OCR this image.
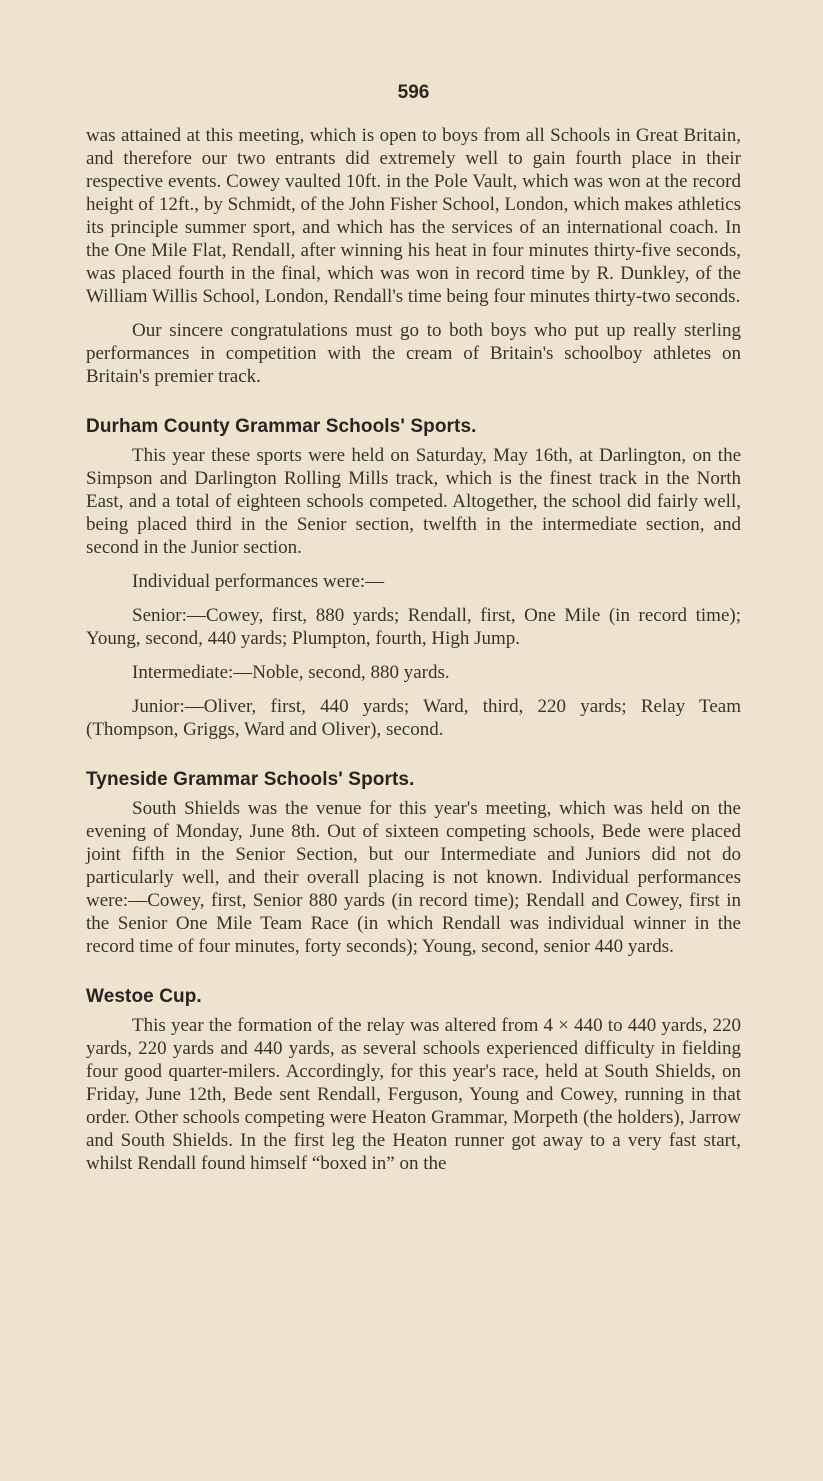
596

was attained at this meeting, which is open to boys from all Schools in Great Britain, and therefore our two entrants did extremely well to gain fourth place in their respective events. Cowey vaulted 10ft. in the Pole Vault, which was won at the record height of 12ft., by Schmidt, of the John Fisher School, London, which makes athletics its principle summer sport, and which has the services of an international coach. In the One Mile Flat, Rendall, after winning his heat in four minutes thirty-five seconds, was placed fourth in the final, which was won in record time by R. Dunkley, of the William Willis School, London, Rendall's time being four minutes thirty-two seconds.

Our sincere congratulations must go to both boys who put up really sterling performances in competition with the cream of Britain's schoolboy athletes on Britain's premier track.

Durham County Grammar Schools' Sports.

This year these sports were held on Saturday, May 16th, at Darlington, on the Simpson and Darlington Rolling Mills track, which is the finest track in the North East, and a total of eighteen schools competed. Altogether, the school did fairly well, being placed third in the Senior section, twelfth in the intermediate section, and second in the Junior section.

Individual performances were:—

Senior:—Cowey, first, 880 yards; Rendall, first, One Mile (in record time); Young, second, 440 yards; Plumpton, fourth, High Jump.

Intermediate:—Noble, second, 880 yards.

Junior:—Oliver, first, 440 yards; Ward, third, 220 yards; Relay Team (Thompson, Griggs, Ward and Oliver), second.

Tyneside Grammar Schools' Sports.

South Shields was the venue for this year's meeting, which was held on the evening of Monday, June 8th. Out of sixteen competing schools, Bede were placed joint fifth in the Senior Section, but our Intermediate and Juniors did not do particularly well, and their overall placing is not known. Individual performances were:—Cowey, first, Senior 880 yards (in record time); Rendall and Cowey, first in the Senior One Mile Team Race (in which Rendall was individual winner in the record time of four minutes, forty seconds); Young, second, senior 440 yards.

Westoe Cup.

This year the formation of the relay was altered from 4 × 440 to 440 yards, 220 yards, 220 yards and 440 yards, as several schools experienced difficulty in fielding four good quarter-milers. Accordingly, for this year's race, held at South Shields, on Friday, June 12th, Bede sent Rendall, Ferguson, Young and Cowey, running in that order. Other schools competing were Heaton Grammar, Morpeth (the holders), Jarrow and South Shields. In the first leg the Heaton runner got away to a very fast start, whilst Rendall found himself “boxed in” on the
